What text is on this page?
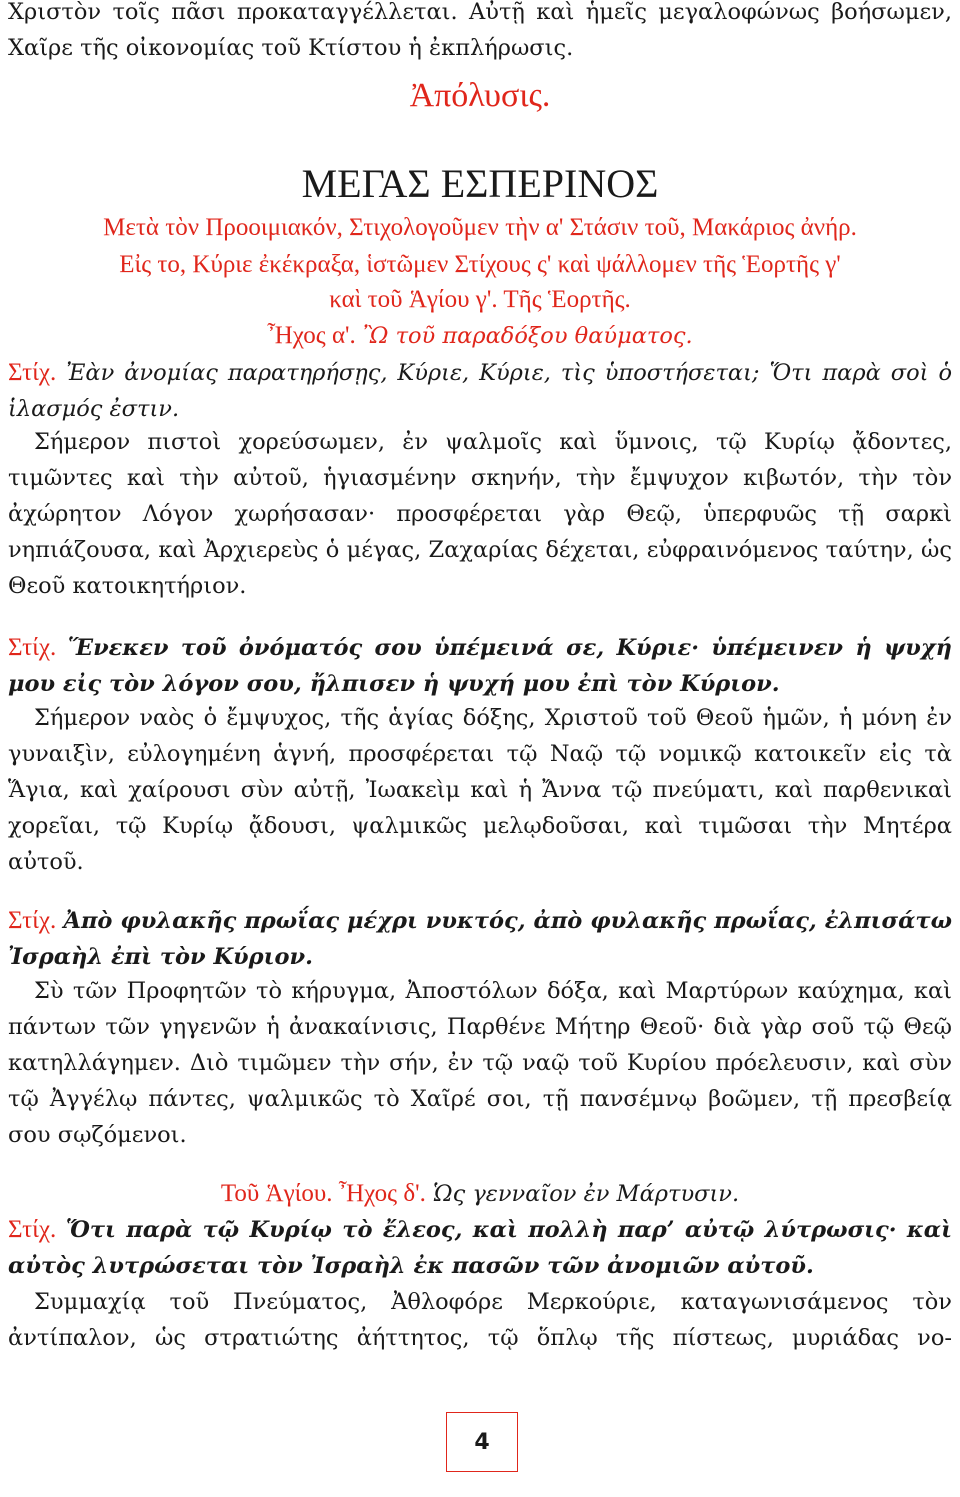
Χριστὸν τοῖς πᾶσι προκαταγγέλλεται. Αὐτῇ καὶ ἡμεῖς μεγαλοφώνως βοήσωμεν, Χαῖρε τῆς οἰκονομίας τοῦ Κτίστου ἡ ἐκπλήρωσις.
Ἀπόλυσις.
ΜΕΓΑΣ ΕΣΠΕΡΙΝΟΣ
Μετὰ τὸν Προοιμιακόν, Στιχολογοῦμεν τὴν α' Στάσιν τοῦ, Μακάριος ἀνήρ.
Εἰς το, Κύριε ἐκέκραξα, ἱστῶμεν Στίχους ς' καὶ ψάλλομεν τῆς Ἑορτῆς γ'
καὶ τοῦ Ἁγίου γ'. Τῆς Ἑορτῆς.
Ἦχος α'. Ὢ τοῦ παραδόξου θαύματος.
Στίχ. Ἐὰν ἀνομίας παρατηρήσῃς, Κύριε, Κύριε, τὶς ὑποστήσεται; Ὅτι παρὰ σοὶ ὁ ἱλασμός ἐστιν.
Σήμερον πιστοὶ χορεύσωμεν, ἐν ψαλμοῖς καὶ ὕμνοις, τῷ Κυρίῳ ᾄδοντες, τιμῶντες καὶ τὴν αὐτοῦ, ἡγιασμένην σκηνήν, τὴν ἔμψυχον κιβωτόν, τὴν τὸν ἀχώρητον Λόγον χωρήσασαν· προσφέρεται γὰρ Θεῷ, ὑπερφυῶς τῇ σαρκὶ νηπιάζουσα, καὶ Ἀρχιερεὺς ὁ μέγας, Ζαχαρίας δέχεται, εὐφραινόμενος ταύτην, ὡς Θεοῦ κατοικητήριον.
Στίχ. Ἕνεκεν τοῦ ὀνόματός σου ὑπέμεινά σε, Κύριε· ὑπέμεινεν ἡ ψυχή μου εἰς τὸν λόγον σου, ἤλπισεν ἡ ψυχή μου ἐπὶ τὸν Κύριον.
Σήμερον ναὸς ὁ ἔμψυχος, τῆς ἁγίας δόξης, Χριστοῦ τοῦ Θεοῦ ἡμῶν, ἡ μόνη ἐν γυναιξὶν, εὐλογημένη ἁγνή, προσφέρεται τῷ Ναῷ τῷ νομικῷ κατοικεῖν εἰς τὰ Ἅγια, καὶ χαίρουσι σὺν αὐτῇ, Ἰωακεὶμ καὶ ἡ Ἄννα τῷ πνεύματι, καὶ παρθενικαὶ χορεῖαι, τῷ Κυρίῳ ᾄδουσι, ψαλμικῶς μελῳδοῦσαι, καὶ τιμῶσαι τὴν Μητέρα αὐτοῦ.
Στίχ. Ἀπὸ φυλακῆς πρωΐας μέχρι νυκτός, ἀπὸ φυλακῆς πρωΐας, ἐλπισάτω Ἰσραὴλ ἐπὶ τὸν Κύριον.
Σὺ τῶν Προφητῶν τὸ κήρυγμα, Ἀποστόλων δόξα, καὶ Μαρτύρων καύχημα, καὶ πάντων τῶν γηγενῶν ἡ ἀνακαίνισις, Παρθένε Μήτηρ Θεοῦ· διὰ γὰρ σοῦ τῷ Θεῷ κατηλλάγημεν. Διὸ τιμῶμεν τὴν σήν, ἐν τῷ ναῷ τοῦ Κυρίου πρόελευσιν, καὶ σὺν τῷ Ἀγγέλῳ πάντες, ψαλμικῶς τὸ Χαῖρέ σοι, τῇ πανσέμνῳ βοῶμεν, τῇ πρεσβείᾳ σου σῳζόμενοι.
Τοῦ Ἁγίου. Ἦχος δ'. Ὡς γενναῖον ἐν Μάρτυσιν.
Στίχ. Ὅτι παρὰ τῷ Κυρίῳ τὸ ἔλεος, καὶ πολλὴ παρ’ αὐτῷ λύτρωσις· καὶ αὐτὸς λυτρώσεται τὸν Ἰσραὴλ ἐκ πασῶν τῶν ἀνομιῶν αὐτοῦ.
Συμμαχίᾳ τοῦ Πνεύματος, Ἀθλοφόρε Μερκούριε, καταγωνισάμενος τὸν ἀντίπαλον, ὡς στρατιώτης ἀήττητος, τῷ ὅπλῳ τῆς πίστεως, μυριάδας νο-
4
